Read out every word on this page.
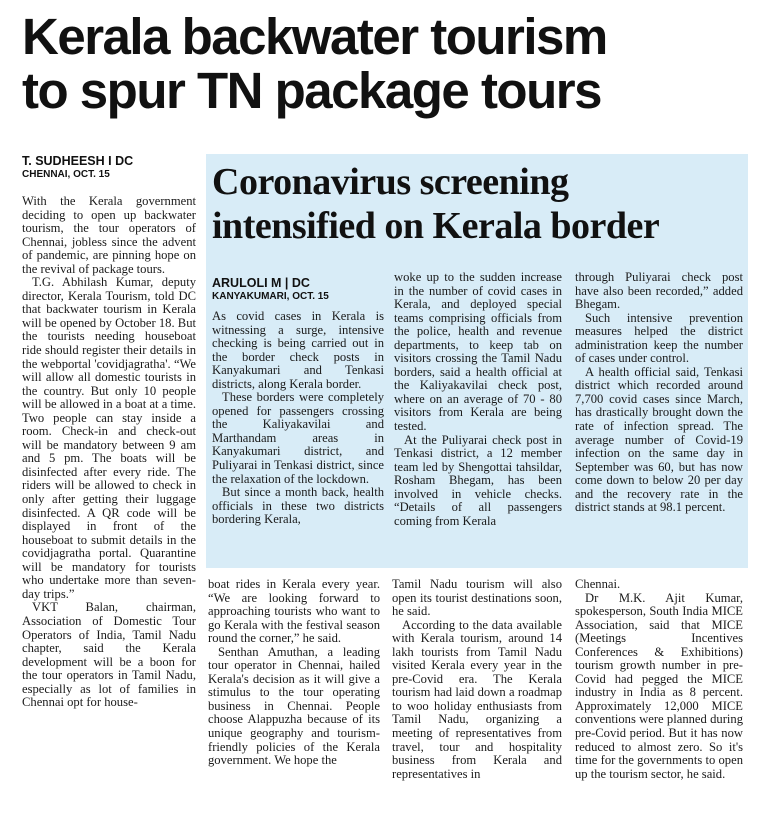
Kerala backwater tourism
to spur TN package tours
T. SUDHEESH I DC
CHENNAI, OCT. 15	Coronavirus screening
intensified on Kerala border
ARULOLI M | DC
KANYAKUMARI, OCT. 15

With the Kerala government deciding to open up backwater tourism, the tour operators of Chennai, jobless since the advent of pandemic, are pinning hope on the revival of package tours.

T.G. Abhilash Kumar, deputy director, Kerala Tourism, told DC that backwater tourism in Kerala will be opened by October 18. But the tourists needing houseboat ride should register their details in the webportal 'covidjagratha'. “We will allow all domestic tourists in the country. But only 10 people will be allowed in a boat at a time. Two people can stay inside a room. Check-in and check-out will be mandatory between 9 am and 5 pm. The boats will be disinfected after every ride. The riders will be allowed to check in only after getting their luggage disinfected. A QR code will be displayed in front of the houseboat to submit details in the covidjagratha portal. Quarantine will be mandatory for tourists who undertake more than seven-day trips.”

VKT Balan, chairman, Association of Domestic Tour Operators of India, Tamil Nadu chapter, said the Kerala development will be a boon for the tour operators in Tamil Nadu, especially as lot of families in Chennai opt for house-

As covid cases in Kerala is witnessing a surge, intensive checking is being carried out in the border check posts in Kanyakumari and Tenkasi districts, along Kerala border.

These borders were completely opened for passengers crossing the Kaliyakavilai and Marthandam areas in Kanyakumari district, and Puliyarai in Tenkasi district, since the relaxation of the lockdown.

But since a month back, health officials in these two districts bordering Kerala,

woke up to the sudden increase in the number of covid cases in Kerala, and deployed special teams comprising officials from the police, health and revenue departments, to keep tab on visitors crossing the Tamil Nadu borders, said a health official at the Kaliyakavilai check post, where on an average of 70 - 80 visitors from Kerala are being tested.

At the Puliyarai check post in Tenkasi district, a 12 member team led by Shengottai tahsildar, Rosham Bhegam, has been involved in vehicle checks. “Details of all passengers coming from Kerala

through Puliyarai check post have also been recorded,” added Bhegam.

Such intensive prevention measures helped the district administration keep the number of cases under control.

A health official said, Tenkasi district which recorded around 7,700 covid cases since March, has drastically brought down the rate of infection spread. The average number of Covid-19 infection on the same day in September was 60, but has now come down to below 20 per day and the recovery rate in the district stands at 98.1 percent.

boat rides in Kerala every year. “We are looking forward to approaching tourists who want to go Kerala with the festival season round the corner,” he said.

Senthan Amuthan, a leading tour operator in Chennai, hailed Kerala's decision as it will give a stimulus to the tour operating business in Chennai. People choose Alappuzha because of its unique geography and tourism-friendly policies of the Kerala government. We hope the

Tamil Nadu tourism will also open its tourist destinations soon, he said.

According to the data available with Kerala tourism, around 14 lakh tourists from Tamil Nadu visited Kerala every year in the pre-Covid era. The Kerala tourism had laid down a roadmap to woo holiday enthusiasts from Tamil Nadu, organizing a meeting of representatives from travel, tour and hospitality business from Kerala and representatives in

Chennai.

Dr M.K. Ajit Kumar, spokesperson, South India MICE Association, said that MICE (Meetings Incentives Conferences & Exhibitions) tourism growth number in pre-Covid had pegged the MICE industry in India as 8 percent. Approximately 12,000 MICE conventions were planned during pre-Covid period. But it has now reduced to almost zero. So it's time for the governments to open up the tourism sector, he said.
